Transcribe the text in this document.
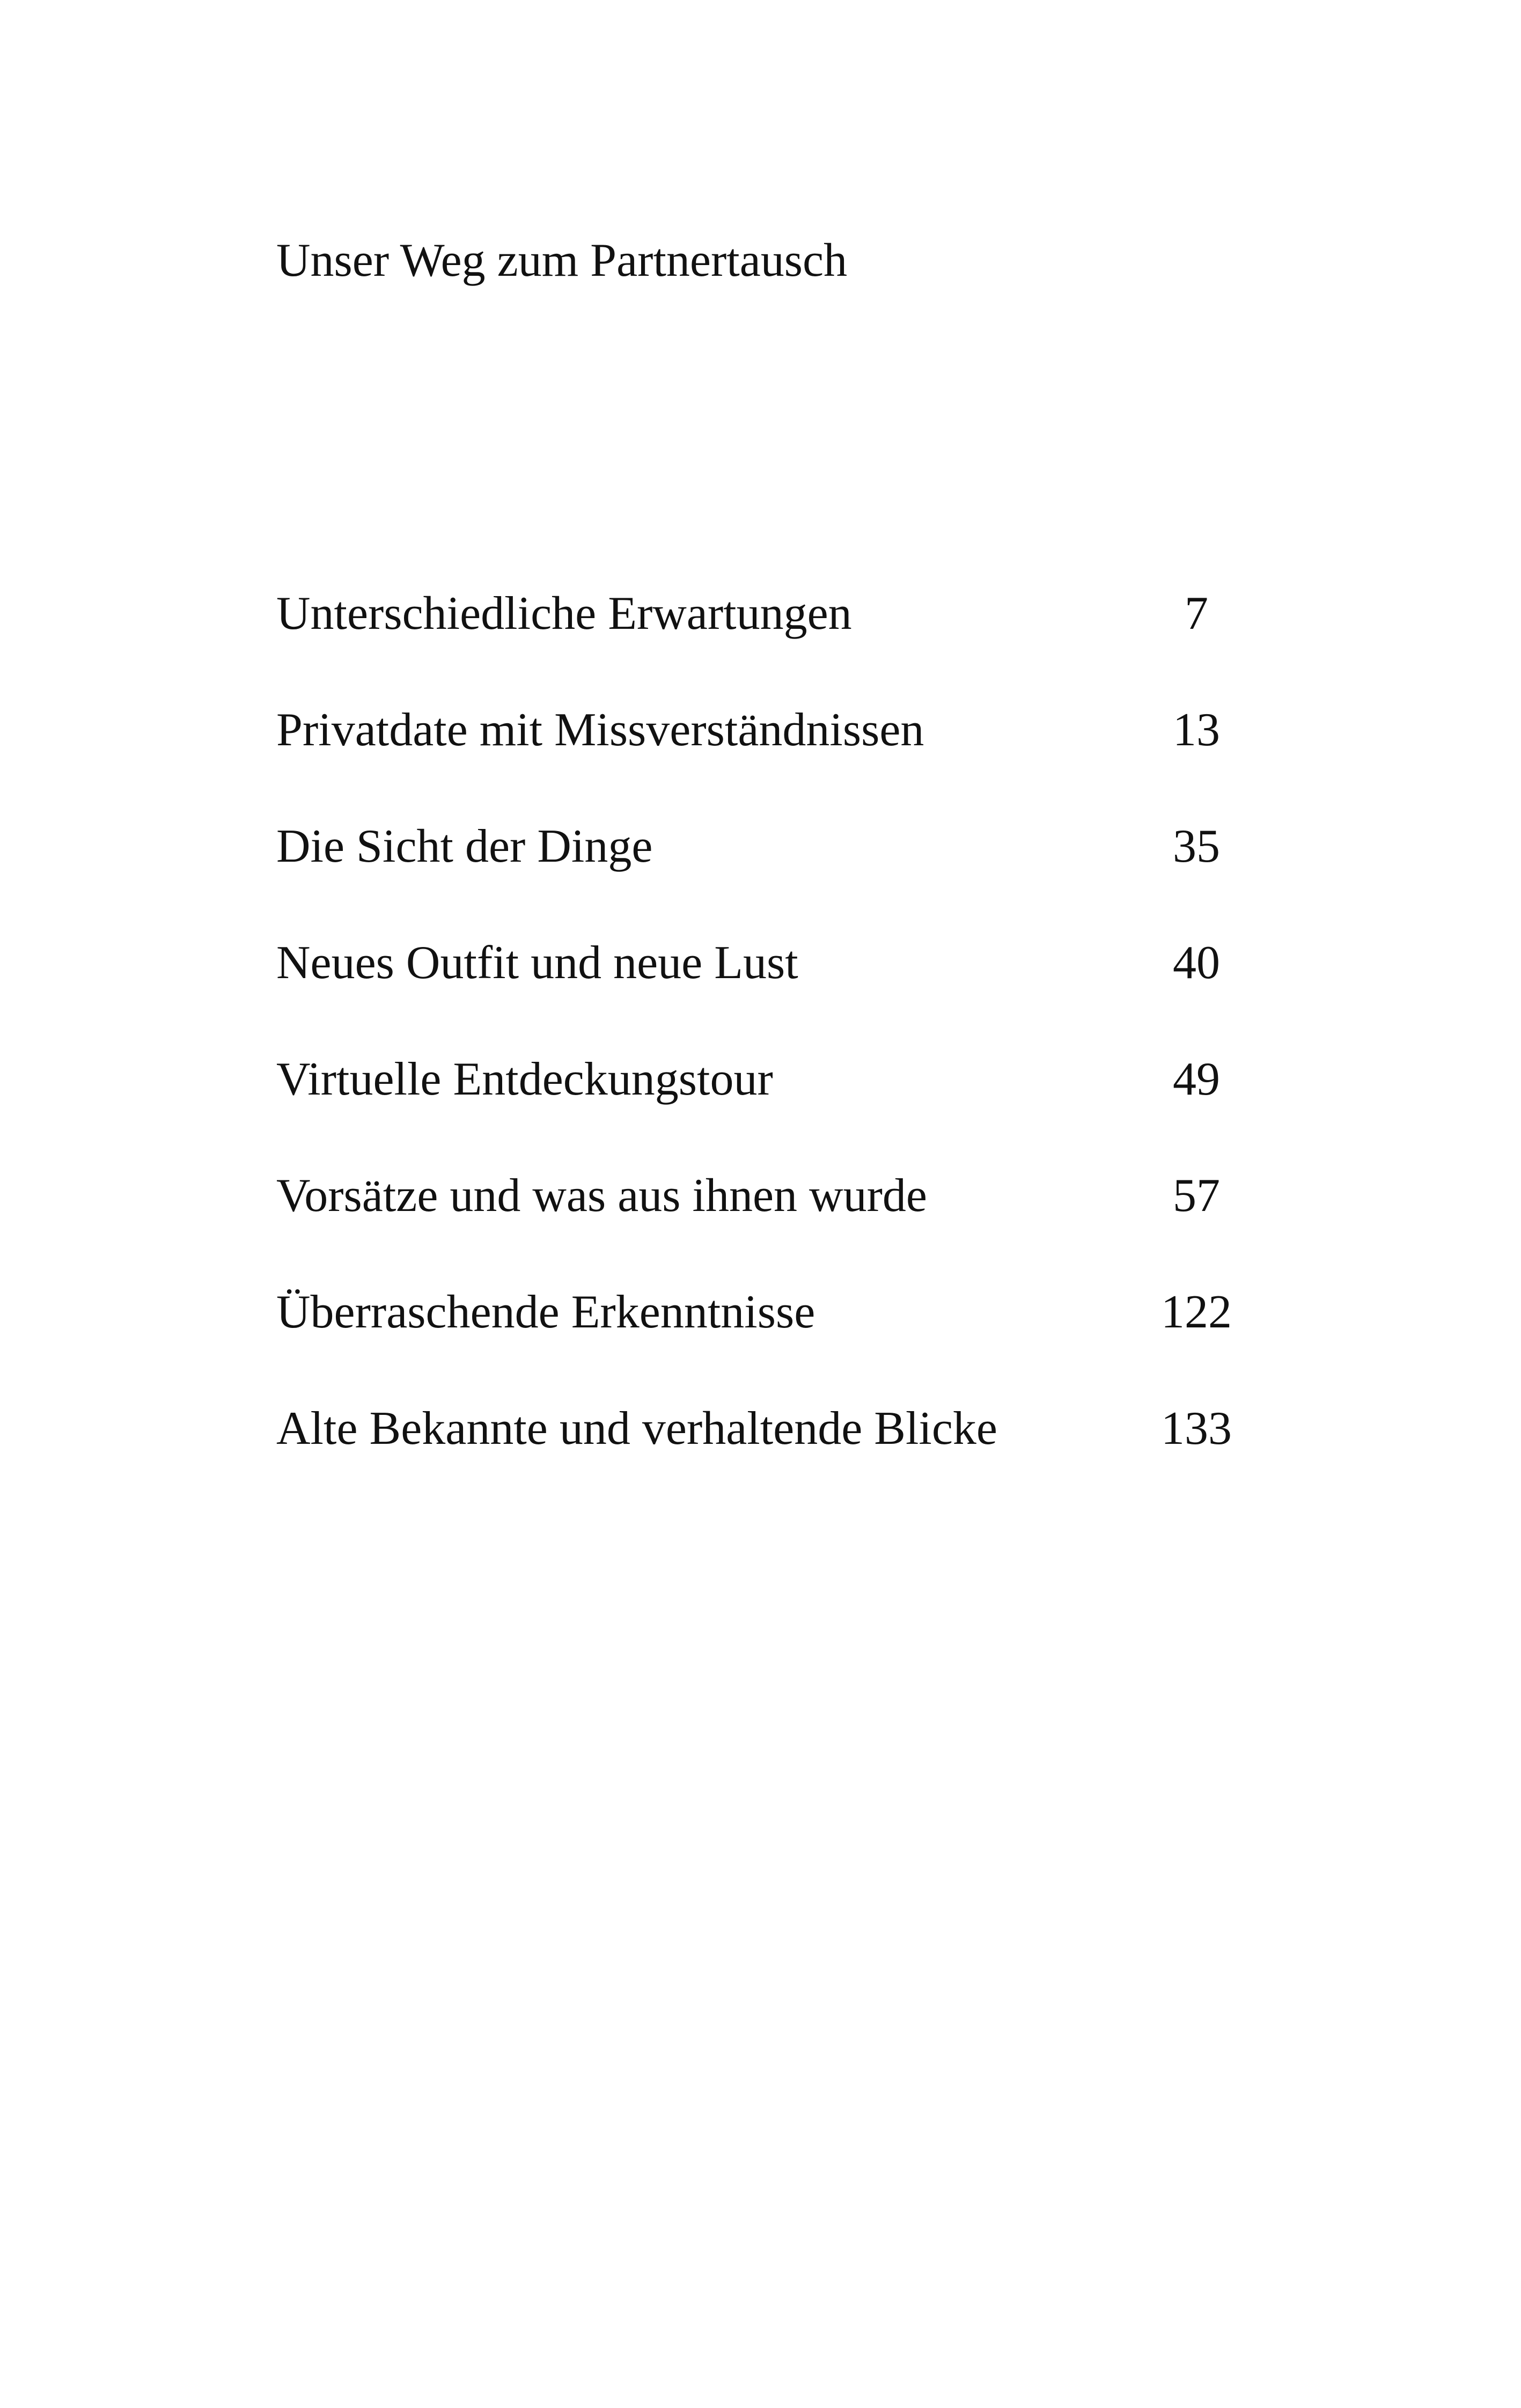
Unser Weg zum Partnertausch
Unterschiedliche Erwartungen	7
Privatdate mit Missverständnissen	13
Die Sicht der Dinge	35
Neues Outfit und neue Lust	40
Virtuelle Entdeckungstour	49
Vorsätze und was aus ihnen wurde	57
Überraschende Erkenntnisse	122
Alte Bekannte und verhaltende Blicke	133
